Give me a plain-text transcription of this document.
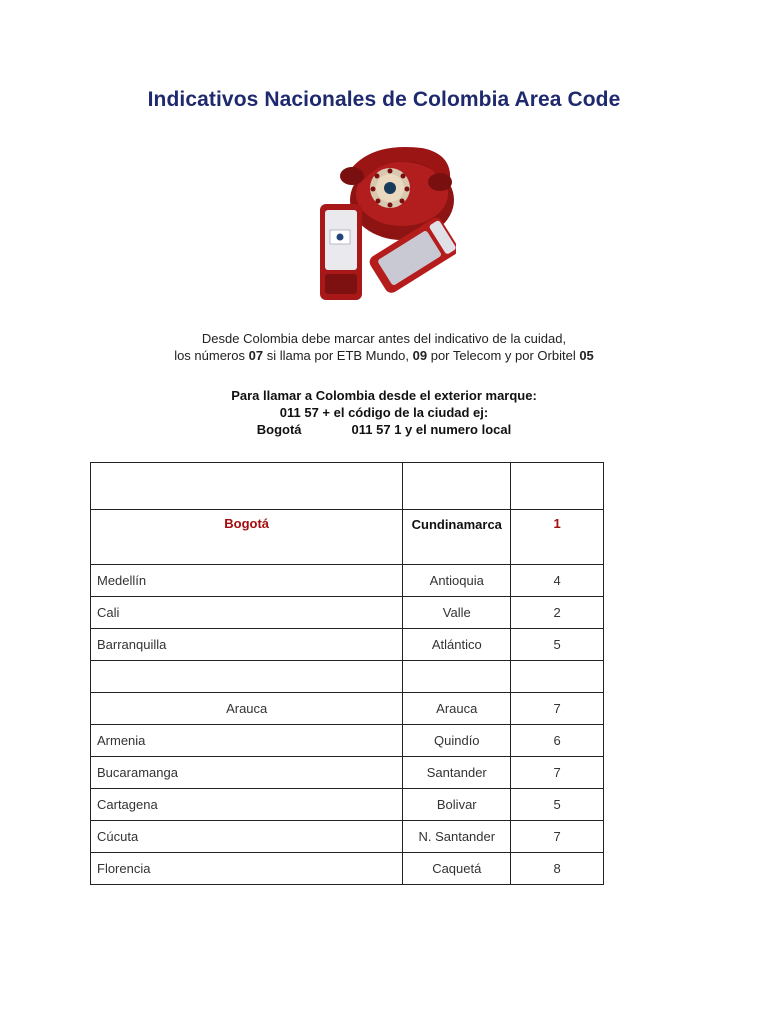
Indicativos Nacionales de Colombia Area Code
Desde Colombia debe marcar antes del indicativo de la cuidad,
los números 07 si llama por ETB Mundo, 09 por Telecom y por Orbitel 05
Para llamar a Colombia desde el exterior marque:
011 57 + el código de la ciudad ej:
Bogotá	011 57 1 y el numero local

Bogotá	Cundinamarca	1
Medellín	Antioquia	4
Cali	Valle	2
Barranquilla	Atlántico	5

Arauca	Arauca	7
Armenia	Quindío	6
Bucaramanga	Santander	7
Cartagena	Bolivar	5
Cúcuta	N. Santander	7
Florencia	Caquetá	8
